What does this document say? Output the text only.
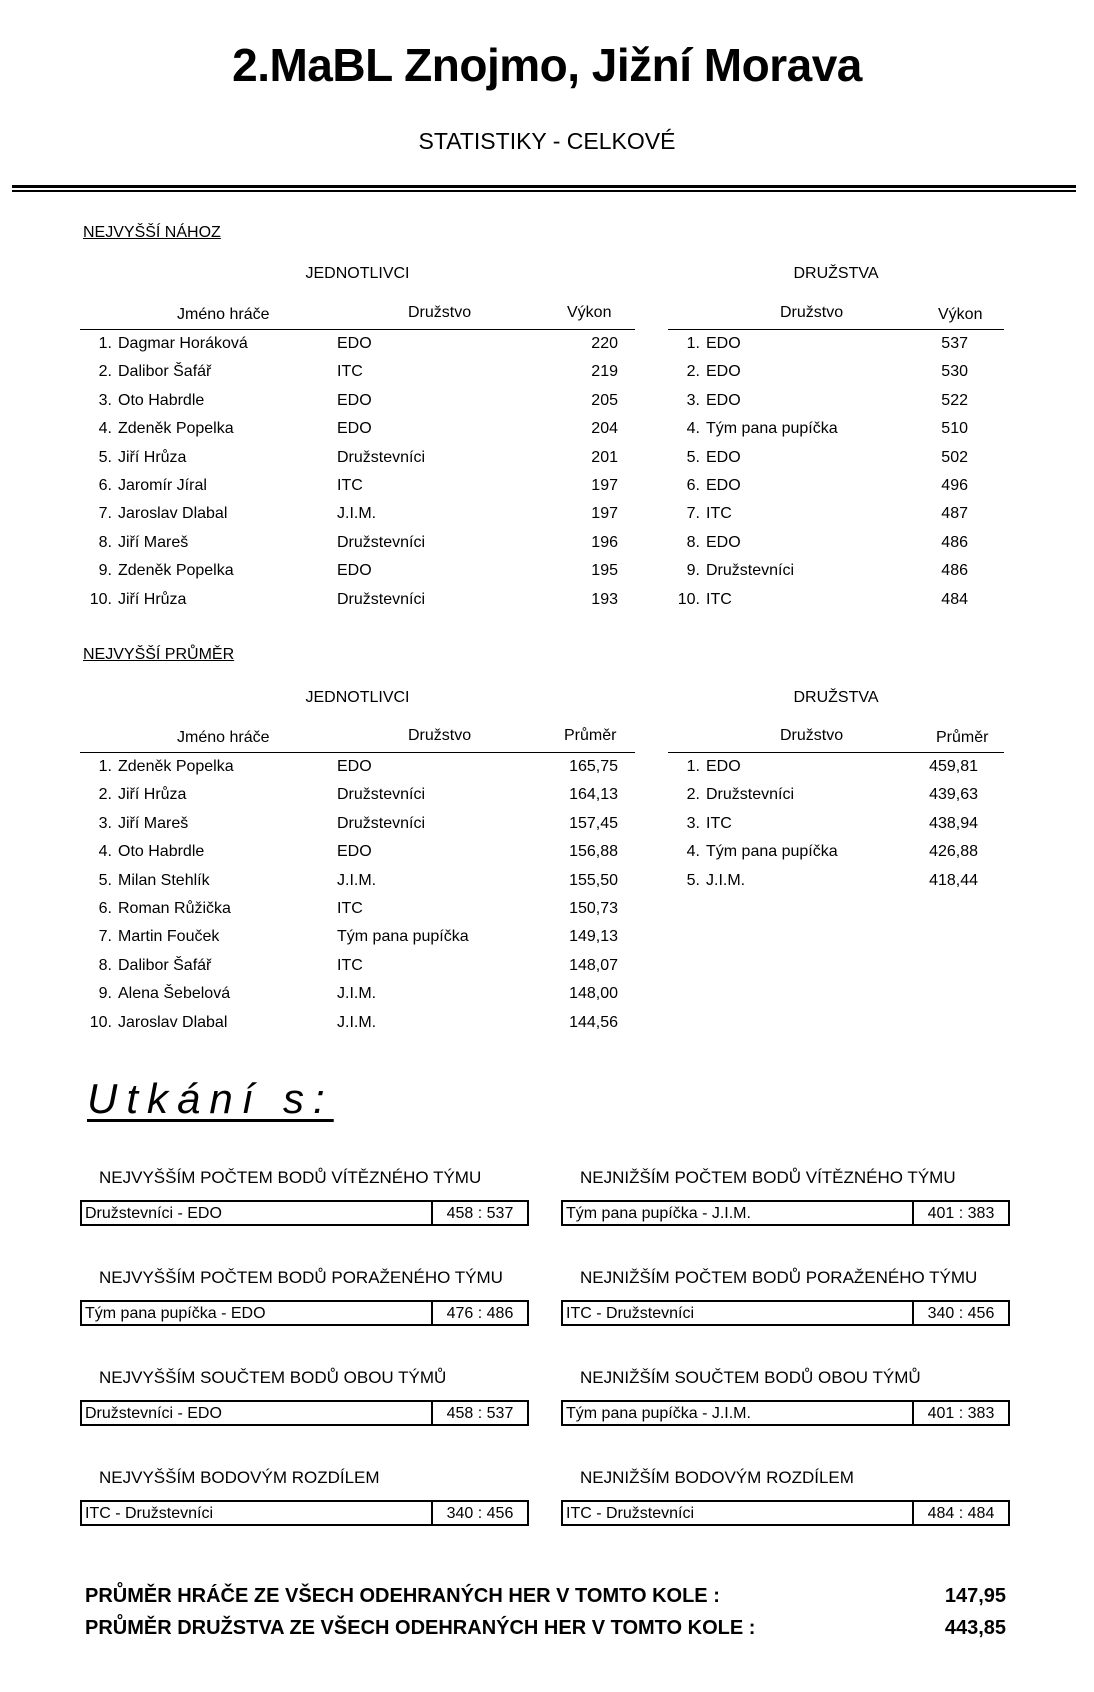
2.MaBL Znojmo, Jižní Morava
STATISTIKY - CELKOVÉ
NEJVYŠŠÍ NÁHOZ
JEDNOTLIVCI
Jméno hráče	Družstvo	Výkon
1. Dagmar Horáková	EDO	220
2. Dalibor Šafář	ITC	219
3. Oto Habrdle	EDO	205
4. Zdeněk Popelka	EDO	204
5. Jiří Hrůza	Družstevníci	201
6. Jaromír Jíral	ITC	197
7. Jaroslav Dlabal	J.I.M.	197
8. Jiří Mareš	Družstevníci	196
9. Zdeněk Popelka	EDO	195
10. Jiří Hrůza	Družstevníci	193
DRUŽSTVA
Družstvo	Výkon
1. EDO	537
2. EDO	530
3. EDO	522
4. Tým pana pupíčka	510
5. EDO	502
6. EDO	496
7. ITC	487
8. EDO	486
9. Družstevníci	486
10. ITC	484
NEJVYŠŠÍ PRŮMĚR
JEDNOTLIVCI
Jméno hráče	Družstvo	Průměr
1. Zdeněk Popelka	EDO	165,75
2. Jiří Hrůza	Družstevníci	164,13
3. Jiří Mareš	Družstevníci	157,45
4. Oto Habrdle	EDO	156,88
5. Milan Stehlík	J.I.M.	155,50
6. Roman Růžička	ITC	150,73
7. Martin Fouček	Tým pana pupíčka	149,13
8. Dalibor Šafář	ITC	148,07
9. Alena Šebelová	J.I.M.	148,00
10. Jaroslav Dlabal	J.I.M.	144,56
DRUŽSTVA
Družstvo	Průměr
1. EDO	459,81
2. Družstevníci	439,63
3. ITC	438,94
4. Tým pana pupíčka	426,88
5. J.I.M.	418,44
Utkání s:
NEJVYŠŠÍM POČTEM BODŮ VÍTĚZNÉHO TÝMU
Družstevníci - EDO	458 : 537
NEJNIŽŠÍM POČTEM BODŮ VÍTĚZNÉHO TÝMU
Tým pana pupíčka - J.I.M.	401 : 383
NEJVYŠŠÍM POČTEM BODŮ PORAŽENÉHO TÝMU
Tým pana pupíčka - EDO	476 : 486
NEJNIŽŠÍM POČTEM BODŮ PORAŽENÉHO TÝMU
ITC - Družstevníci	340 : 456
NEJVYŠŠÍM SOUČTEM BODŮ OBOU TÝMŮ
Družstevníci - EDO	458 : 537
NEJNIŽŠÍM SOUČTEM BODŮ OBOU TÝMŮ
Tým pana pupíčka - J.I.M.	401 : 383
NEJVYŠŠÍM BODOVÝM ROZDÍLEM
ITC - Družstevníci	340 : 456
NEJNIŽŠÍM BODOVÝM ROZDÍLEM
ITC - Družstevníci	484 : 484
PRŮMĚR HRÁČE ZE VŠECH ODEHRANÝCH HER V TOMTO KOLE :	147,95
PRŮMĚR DRUŽSTVA ZE VŠECH ODEHRANÝCH HER V TOMTO KOLE :	443,85
